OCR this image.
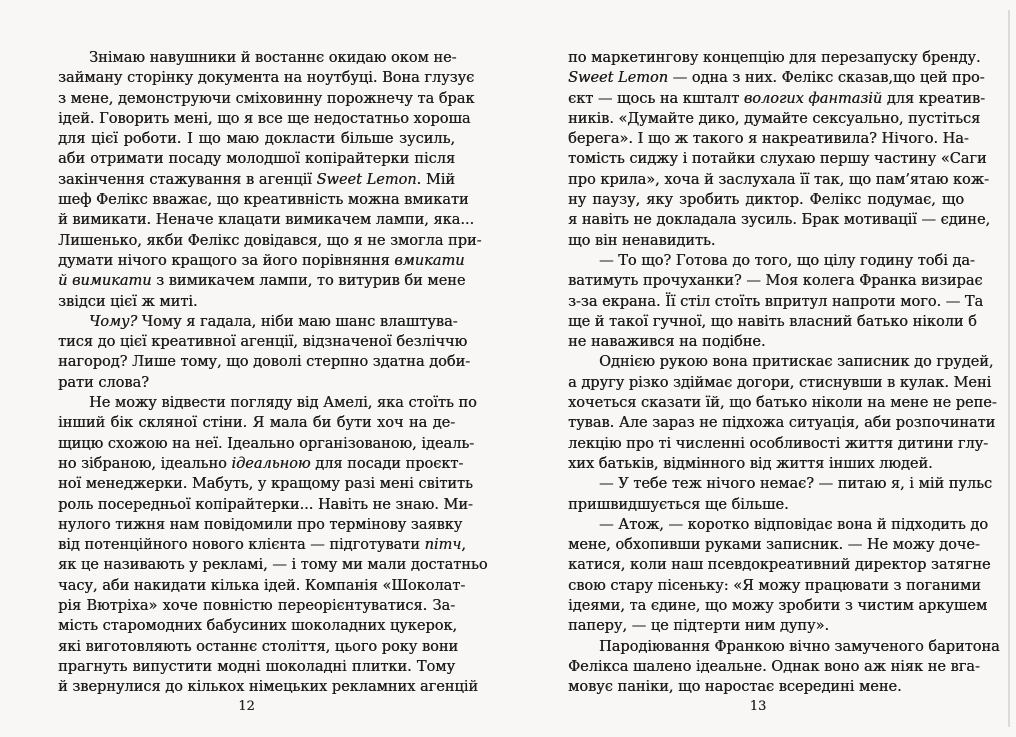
Знімаю навушники й востаннє окидаю оком не-
займану сторінку документа на ноутбуці. Вона глузує
з мене, демонструючи сміховинну порожнечу та брак
ідей. Говорить мені, що я все ще недостатньо хороша
для цієї роботи. І що маю докласти більше зусиль,
аби отримати посаду молодшої копірайтерки після
закінчення стажування в агенції Sweet Lemon. Мій
шеф Фелікс вважає, що креативність можна вмикати
й вимикати. Неначе клацати вимикачем лампи, яка...
Лишенько, якби Фелікс довідався, що я не змогла при-
думати нічого кращого за його порівняння вмикати
й вимикати з вимикачем лампи, то витурив би мене
звідси цієї ж миті.
Чому? Чому я гадала, ніби маю шанс влаштува-
тися до цієї креативної агенції, відзначеної безліччю
нагород? Лише тому, що доволі стерпно здатна доби-
рати слова?
Не можу відвести погляду від Амелі, яка стоїть по
інший бік скляної стіни. Я мала би бути хоч на де-
щицю схожою на неї. Ідеально організованою, ідеаль-
но зібраною, ідеально ідеальною для посади проєкт-
ної менеджерки. Мабуть, у кращому разі мені світить
роль посередньої копірайтерки... Навіть не знаю. Ми-
нулого тижня нам повідомили про термінову заявку
від потенційного нового клієнта — підготувати пітч,
як це називають у рекламі, — і тому ми мали достатньо
часу, аби накидати кілька ідей. Компанія «Шоколат-
рія Вютріха» хоче повністю переорієнтуватися. За-
мість старомодних бабусиних шоколадних цукерок,
які виготовляють останнє століття, цього року вони
прагнуть випустити модні шоколадні плитки. Тому
й звернулися до кількох німецьких рекламних агенцій
12
по маркетингову концепцію для перезапуску бренду.
Sweet Lemon — одна з них. Фелікс сказав,що цей про-
єкт — щось на кшталт вологих фантазій для креатив-
ників. «Думайте дико, думайте сексуально, пустіться
берега». І що ж такого я накреативила? Нічого. На-
томість сиджу і потайки слухаю першу частину «Саги
про крила», хоча й заслухала її так, що пам’ятаю кож-
ну паузу, яку зробить диктор. Фелікс подумає, що
я навіть не докладала зусиль. Брак мотивації — єдине,
що він ненавидить.
— То що? Готова до того, що цілу годину тобі да-
ватимуть прочуханки? — Моя колега Франка визирає
з-за екрана. Її стіл стоїть впритул напроти мого. — Та
ще й такої гучної, що навіть власний батько ніколи б
не наважився на подібне.
Однією рукою вона притискає записник до грудей,
а другу різко здіймає догори, стиснувши в кулак. Мені
хочеться сказати їй, що батько ніколи на мене не репе-
тував. Але зараз не підхожа ситуація, аби розпочинати
лекцію про ті численні особливості життя дитини глу-
хих батьків, відмінного від життя інших людей.
— У тебе теж нічого немає? — питаю я, і мій пульс
пришвидшується ще більше.
— Атож, — коротко відповідає вона й підходить до
мене, обхопивши руками записник. — Не можу доче-
катися, коли наш псевдокреативний директор затягне
свою стару пісеньку: «Я можу працювати з поганими
ідеями, та єдине, що можу зробити з чистим аркушем
паперу, — це підтерти ним дупу».
Пародіювання Франкою вічно замученого баритона
Фелікса шалено ідеальне. Однак воно аж ніяк не вга-
мовує паніки, що наростає всередині мене.
13
